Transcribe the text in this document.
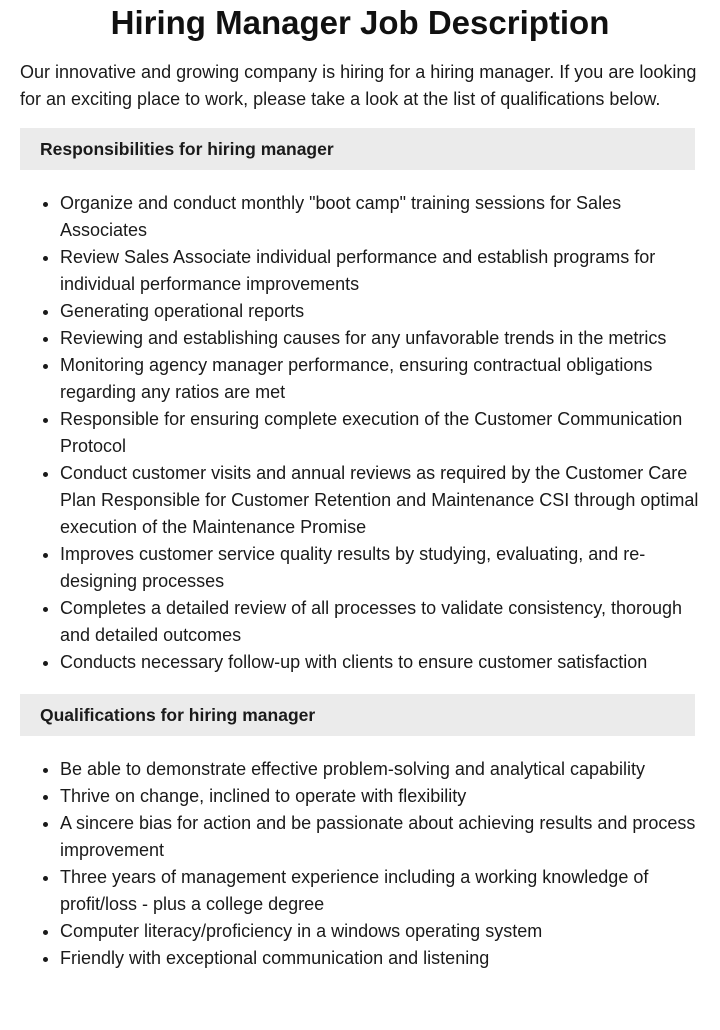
Hiring Manager Job Description

Our innovative and growing company is hiring for a hiring manager. If you are looking for an exciting place to work, please take a look at the list of qualifications below.

Responsibilities for hiring manager
• Organize and conduct monthly "boot camp" training sessions for Sales Associates
• Review Sales Associate individual performance and establish programs for individual performance improvements
• Generating operational reports
• Reviewing and establishing causes for any unfavorable trends in the metrics
• Monitoring agency manager performance, ensuring contractual obligations regarding any ratios are met
• Responsible for ensuring complete execution of the Customer Communication Protocol
• Conduct customer visits and annual reviews as required by the Customer Care Plan Responsible for Customer Retention and Maintenance CSI through optimal execution of the Maintenance Promise
• Improves customer service quality results by studying, evaluating, and re-designing processes
• Completes a detailed review of all processes to validate consistency, thorough and detailed outcomes
• Conducts necessary follow-up with clients to ensure customer satisfaction
Qualifications for hiring manager
• Be able to demonstrate effective problem-solving and analytical capability
• Thrive on change, inclined to operate with flexibility
• A sincere bias for action and be passionate about achieving results and process improvement
• Three years of management experience including a working knowledge of profit/loss - plus a college degree
• Computer literacy/proficiency in a windows operating system
• Friendly with exceptional communication and listening
